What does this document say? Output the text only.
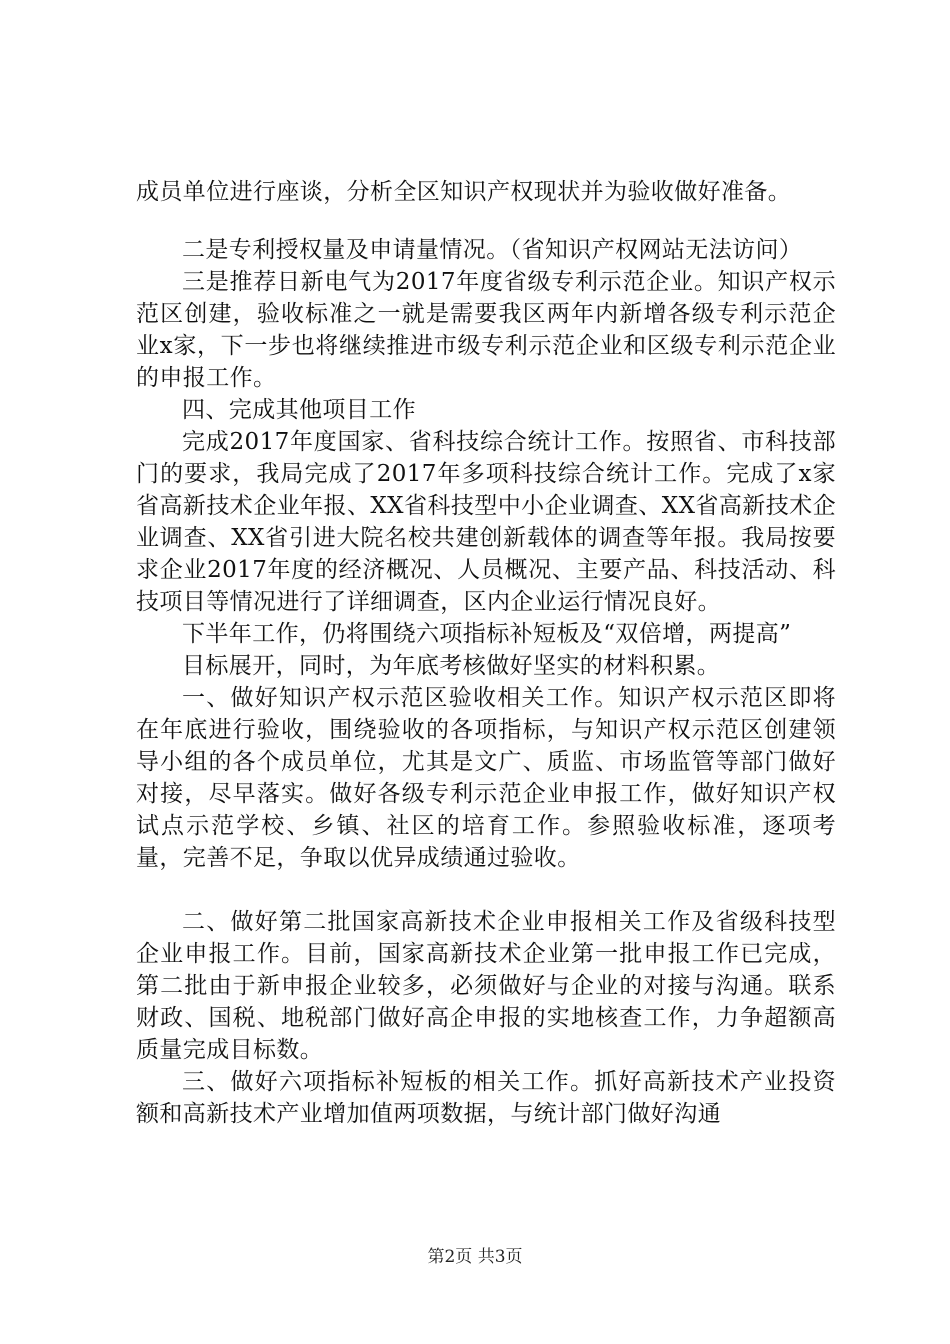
成员单位进行座谈，分析全区知识产权现状并为验收做好准备。

二是专利授权量及申请量情况。（省知识产权网站无法访问）

三是推荐日新电气为2017年度省级专利示范企业。知识产权示范区创建，验收标准之一就是需要我区两年内新增各级专利示范企业x家，下一步也将继续推进市级专利示范企业和区级专利示范企业的申报工作。

四、完成其他项目工作

完成2017年度国家、省科技综合统计工作。按照省、市科技部门的要求，我局完成了2017年多项科技综合统计工作。完成了x家省高新技术企业年报、XX省科技型中小企业调查、XX省高新技术企业调查、XX省引进大院名校共建创新载体的调查等年报。我局按要求企业2017年度的经济概况、人员概况、主要产品、科技活动、科技项目等情况进行了详细调查，区内企业运行情况良好。

下半年工作，仍将围绕六项指标补短板及“双倍增，两提高”

目标展开，同时，为年底考核做好坚实的材料积累。

一、做好知识产权示范区验收相关工作。知识产权示范区即将在年底进行验收，围绕验收的各项指标，与知识产权示范区创建领导小组的各个成员单位，尤其是文广、质监、市场监管等部门做好对接，尽早落实。做好各级专利示范企业申报工作，做好知识产权试点示范学校、乡镇、社区的培育工作。参照验收标准，逐项考量，完善不足，争取以优异成绩通过验收。

二、做好第二批国家高新技术企业申报相关工作及省级科技型企业申报工作。目前，国家高新技术企业第一批申报工作已完成，第二批由于新申报企业较多，必须做好与企业的对接与沟通。联系财政、国税、地税部门做好高企申报的实地核查工作，力争超额高质量完成目标数。

三、做好六项指标补短板的相关工作。抓好高新技术产业投资额和高新技术产业增加值两项数据，与统计部门做好沟通

第2页 共3页
